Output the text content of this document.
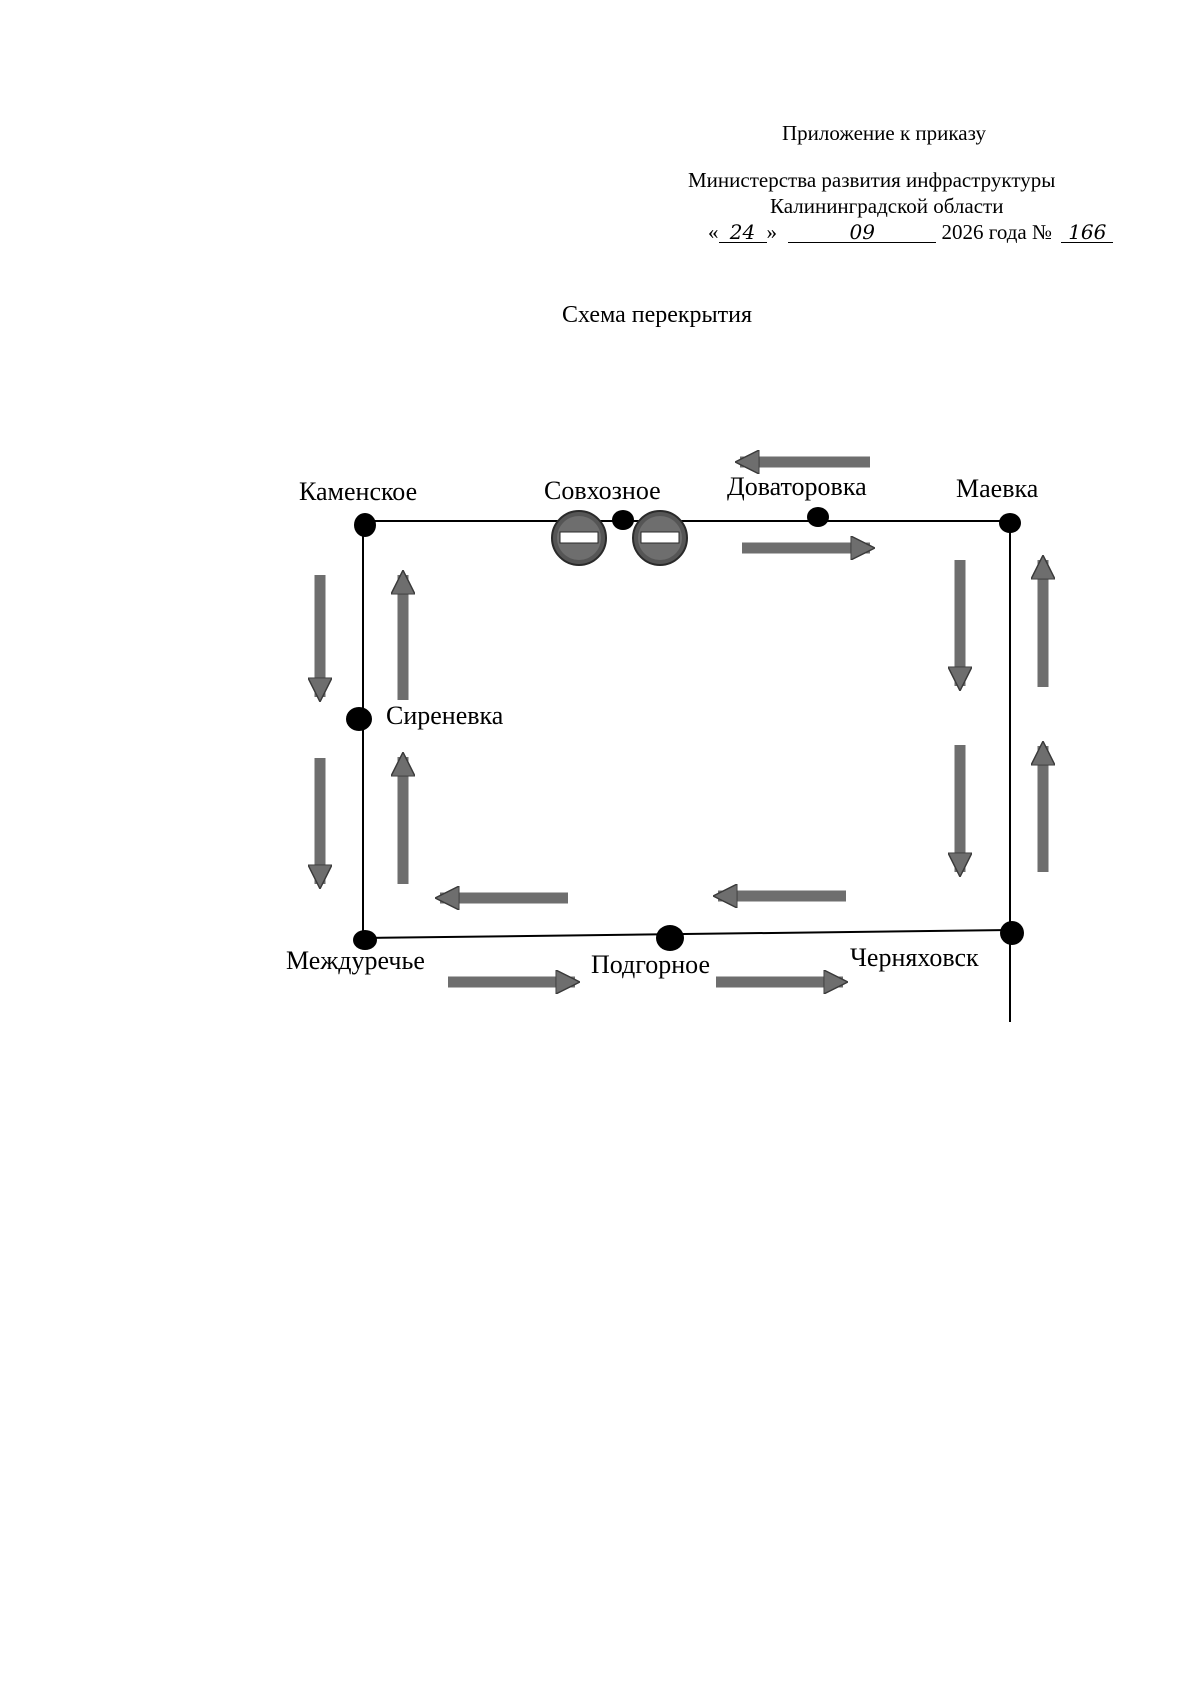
Приложение к приказу
Министерства развития инфраструктуры
Калининградской области
« 24 »	09	2026 года № 166
Схема перекрытия
Каменское	Совхозное	Доваторовка	Маевка
Сиреневка
Междуречье	Подгорное	Черняховск
